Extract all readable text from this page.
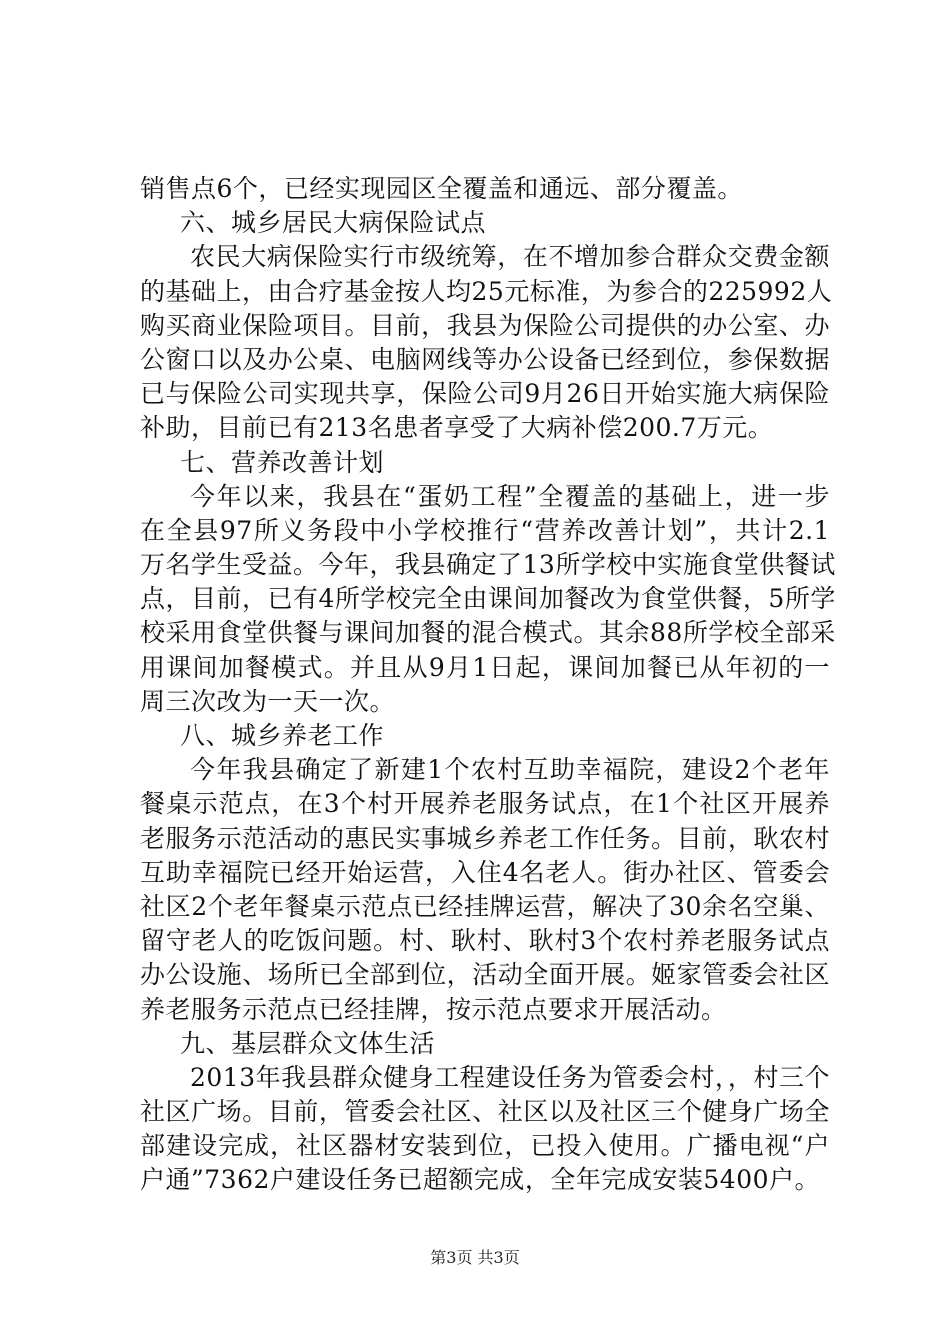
销售点6个，已经实现园区全覆盖和通远、部分覆盖。
六、城乡居民大病保险试点
农民大病保险实行市级统筹，在不增加参合群众交费金额
的基础上，由合疗基金按人均25元标准，为参合的225992人
购买商业保险项目。目前，我县为保险公司提供的办公室、办
公窗口以及办公桌、电脑网线等办公设备已经到位，参保数据
已与保险公司实现共享，保险公司9月26日开始实施大病保险
补助，目前已有213名患者享受了大病补偿200.7万元。
七、营养改善计划
今年以来，我县在“蛋奶工程”全覆盖的基础上，进一步
在全县97所义务段中小学校推行“营养改善计划”，共计2.1
万名学生受益。今年，我县确定了13所学校中实施食堂供餐试
点，目前，已有4所学校完全由课间加餐改为食堂供餐，5所学
校采用食堂供餐与课间加餐的混合模式。其余88所学校全部采
用课间加餐模式。并且从9月1日起，课间加餐已从年初的一
周三次改为一天一次。
八、城乡养老工作
今年我县确定了新建1个农村互助幸福院，建设2个老年
餐桌示范点，在3个村开展养老服务试点，在1个社区开展养
老服务示范活动的惠民实事城乡养老工作任务。目前，耿农村
互助幸福院已经开始运营，入住4名老人。街办社区、管委会
社区2个老年餐桌示范点已经挂牌运营，解决了30余名空巢、
留守老人的吃饭问题。村、耿村、耿村3个农村养老服务试点
办公设施、场所已全部到位，活动全面开展。姬家管委会社区
养老服务示范点已经挂牌，按示范点要求开展活动。
九、基层群众文体生活
2013年我县群众健身工程建设任务为管委会村，，村三个
社区广场。目前，管委会社区、社区以及社区三个健身广场全
部建设完成，社区器材安装到位，已投入使用。广播电视“户
户通”7362户建设任务已超额完成，全年完成安装5400户。
第3页 共3页
